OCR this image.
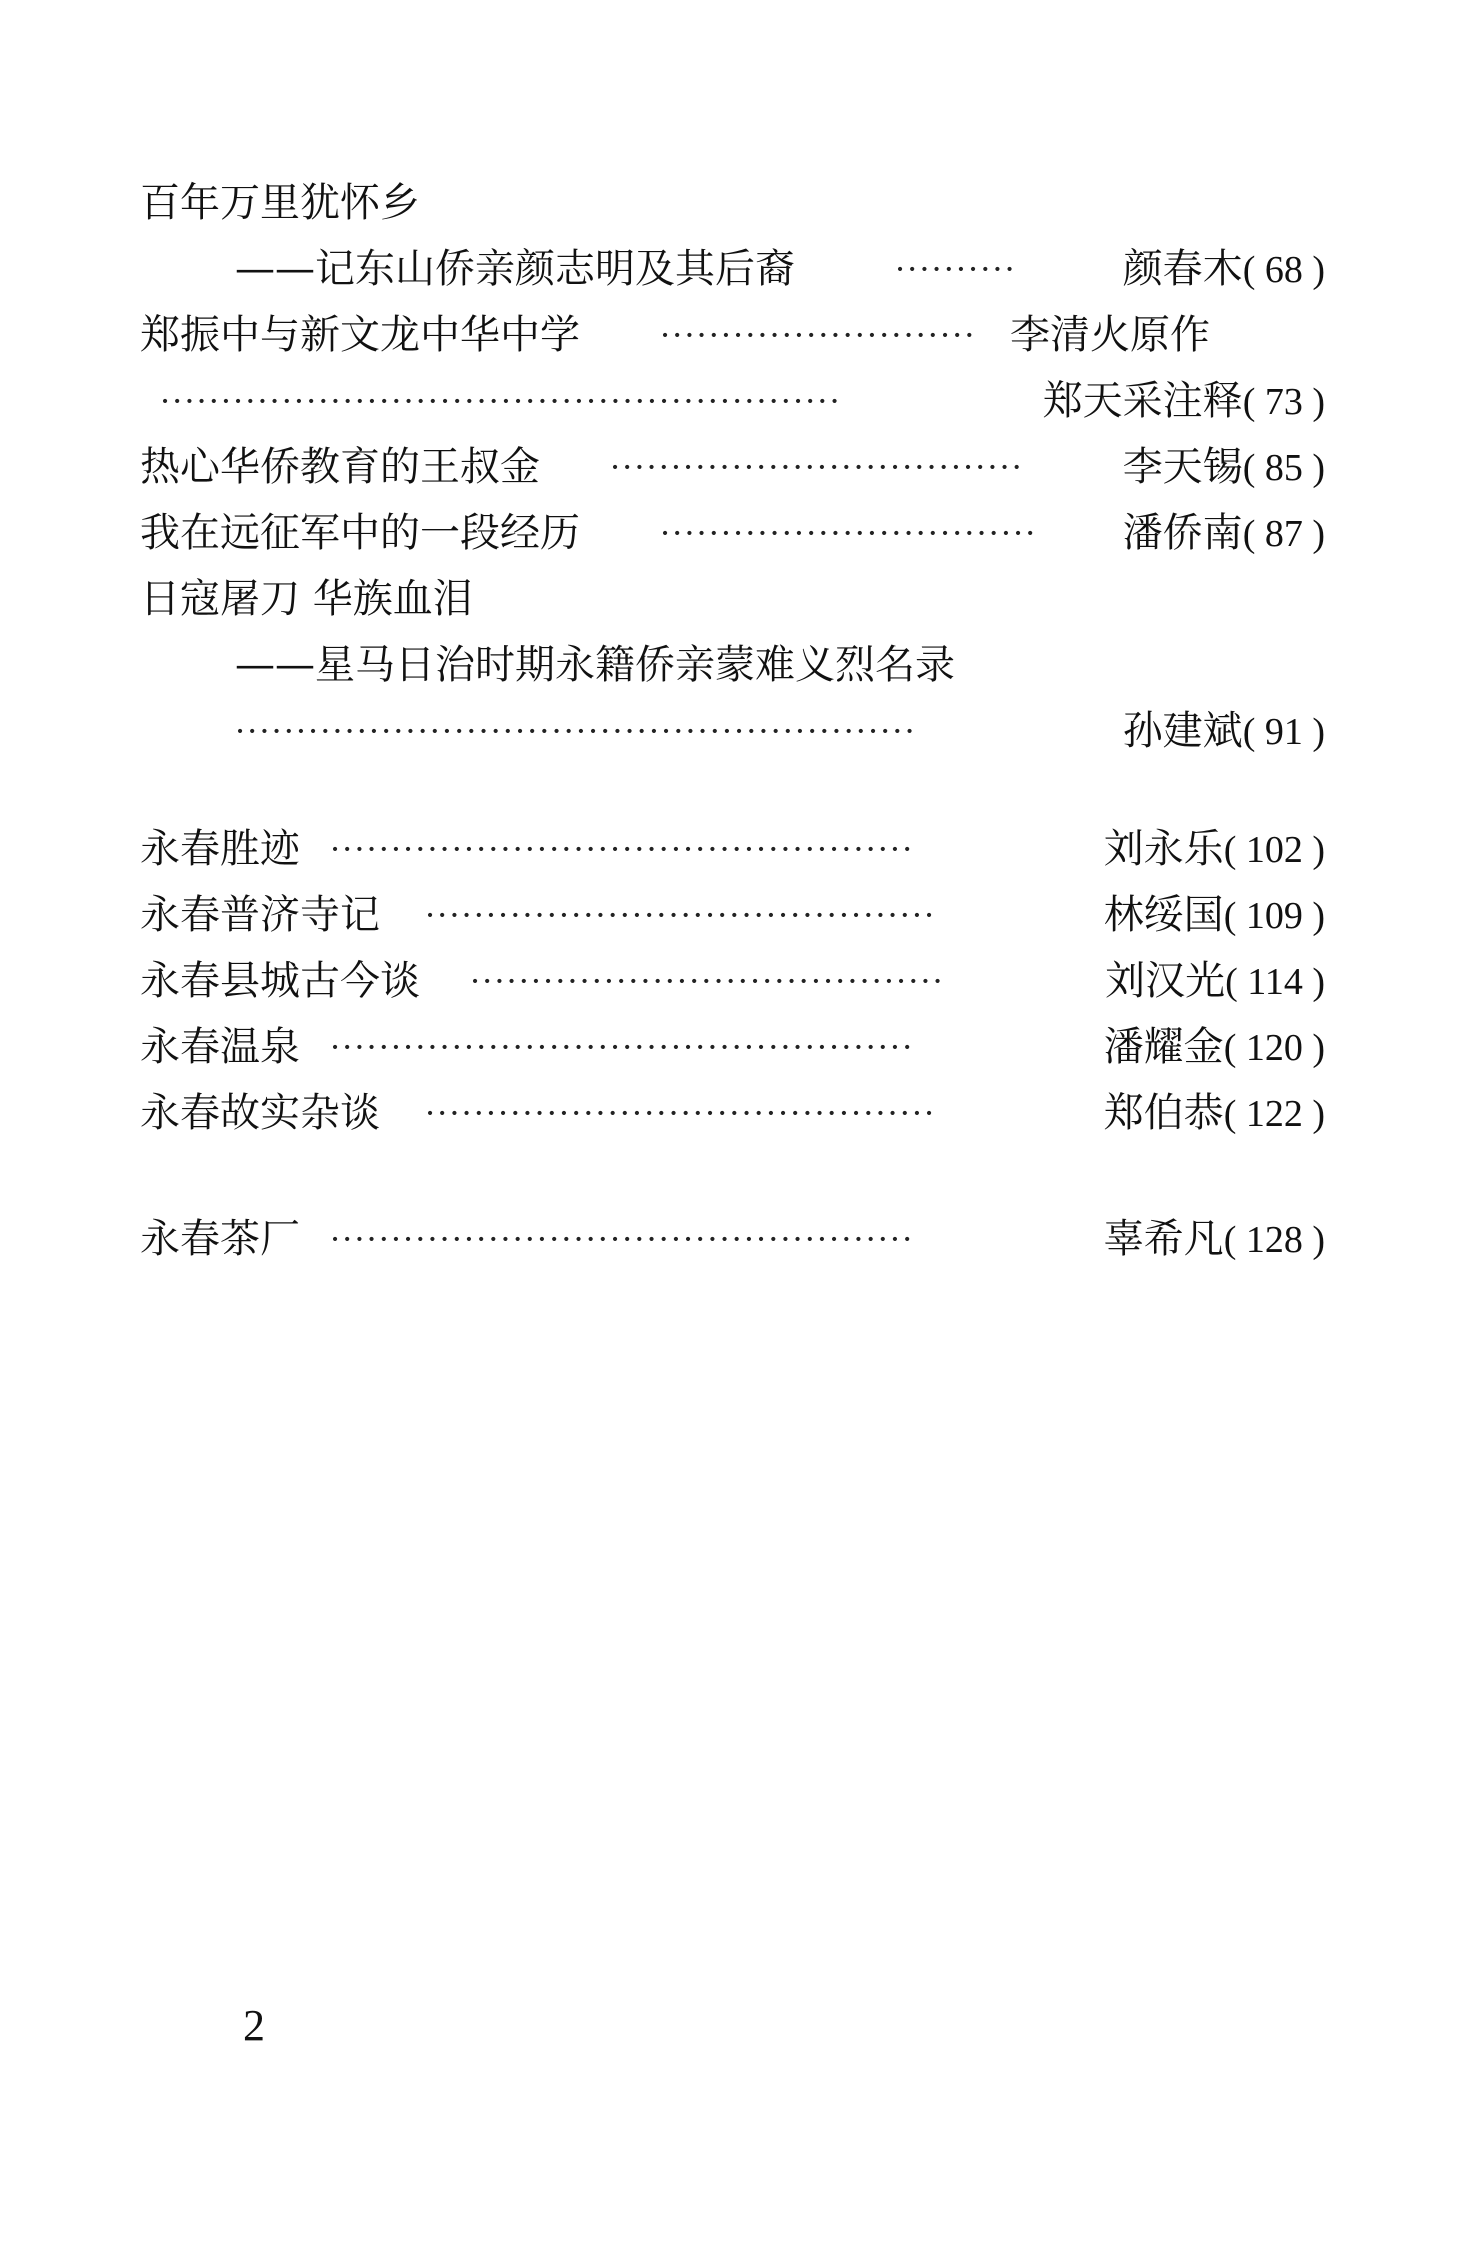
百年万里犹怀乡
——记东山侨亲颜志明及其后裔	··········	颜春木( 68 )
郑振中与新文龙中华中学	·························· 李清火原作
························································	郑天采注释( 73 )
热心华侨教育的王叔金 ··································	李天锡( 85 )
我在远征军中的一段经历	·······························	潘侨南( 87 )
日寇屠刀 华族血泪
——星马日治时期永籍侨亲蒙难义烈名录
························································	孙建斌( 91 )
永春胜迹 ················································	刘永乐( 102 )
永春普济寺记 ··········································	林绥国( 109 )
永春县城古今谈 ·······································	刘汉光( 114 )
永春温泉 ················································	潘耀金( 120 )
永春故实杂谈 ··········································	郑伯恭( 122 )
永春茶厂 ················································	辜希凡( 128 )
2
